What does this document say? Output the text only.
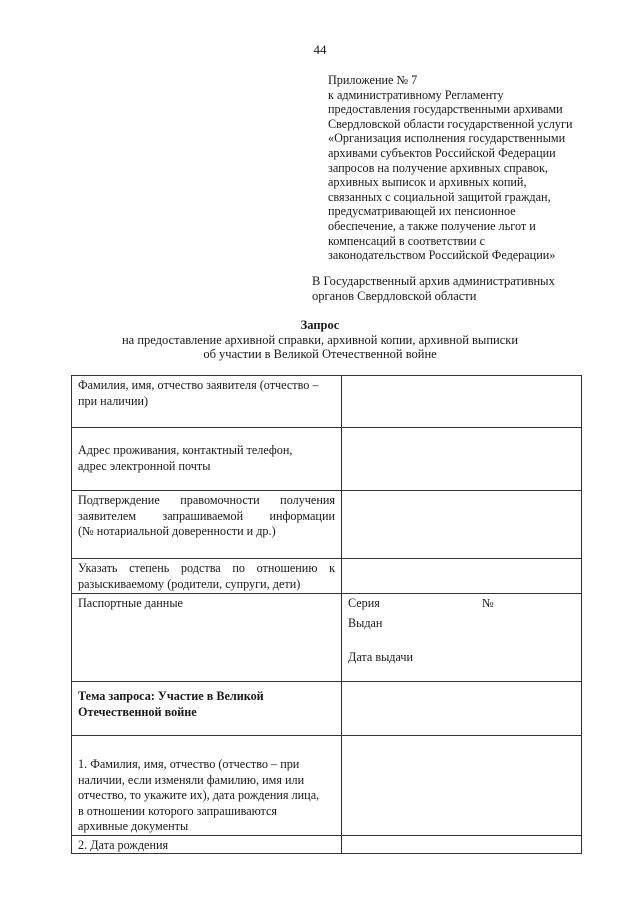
44
Приложение № 7
к административному Регламенту
предоставления государственными архивами
Свердловской области государственной услуги
«Организация исполнения государственными
архивами субъектов Российской Федерации
запросов на получение архивных справок,
архивных выписок и архивных копий,
связанных с социальной защитой граждан,
предусматривающей их пенсионное
обеспечение, а также получение льгот и
компенсаций в соответствии с
законодательством Российской Федерации»
В Государственный архив административных
органов Свердловской области
Запрос
на предоставление архивной справки, архивной копии, архивной выписки
об участии в Великой Отечественной войне
Фамилия, имя, отчество заявителя (отчество –
при наличии)	

Адрес проживания, контактный телефон,
адрес электронной почты	

Подтверждение правомочности получения
заявителем запрашиваемой информации
(№ нотариальной доверенности и др.)	

Указать степень родства по отношению к
разыскиваемому (родители, супруги, дети)	

Паспортные данные	Серия №
Выдан
Дата выдачи

Тема запроса: Участие в Великой
Отечественной войне	

1. Фамилия, имя, отчество (отчество – при
наличии, если изменяли фамилию, имя или
отчество, то укажите их), дата рождения лица,
в отношении которого запрашиваются
архивные документы	

2. Дата рождения	
